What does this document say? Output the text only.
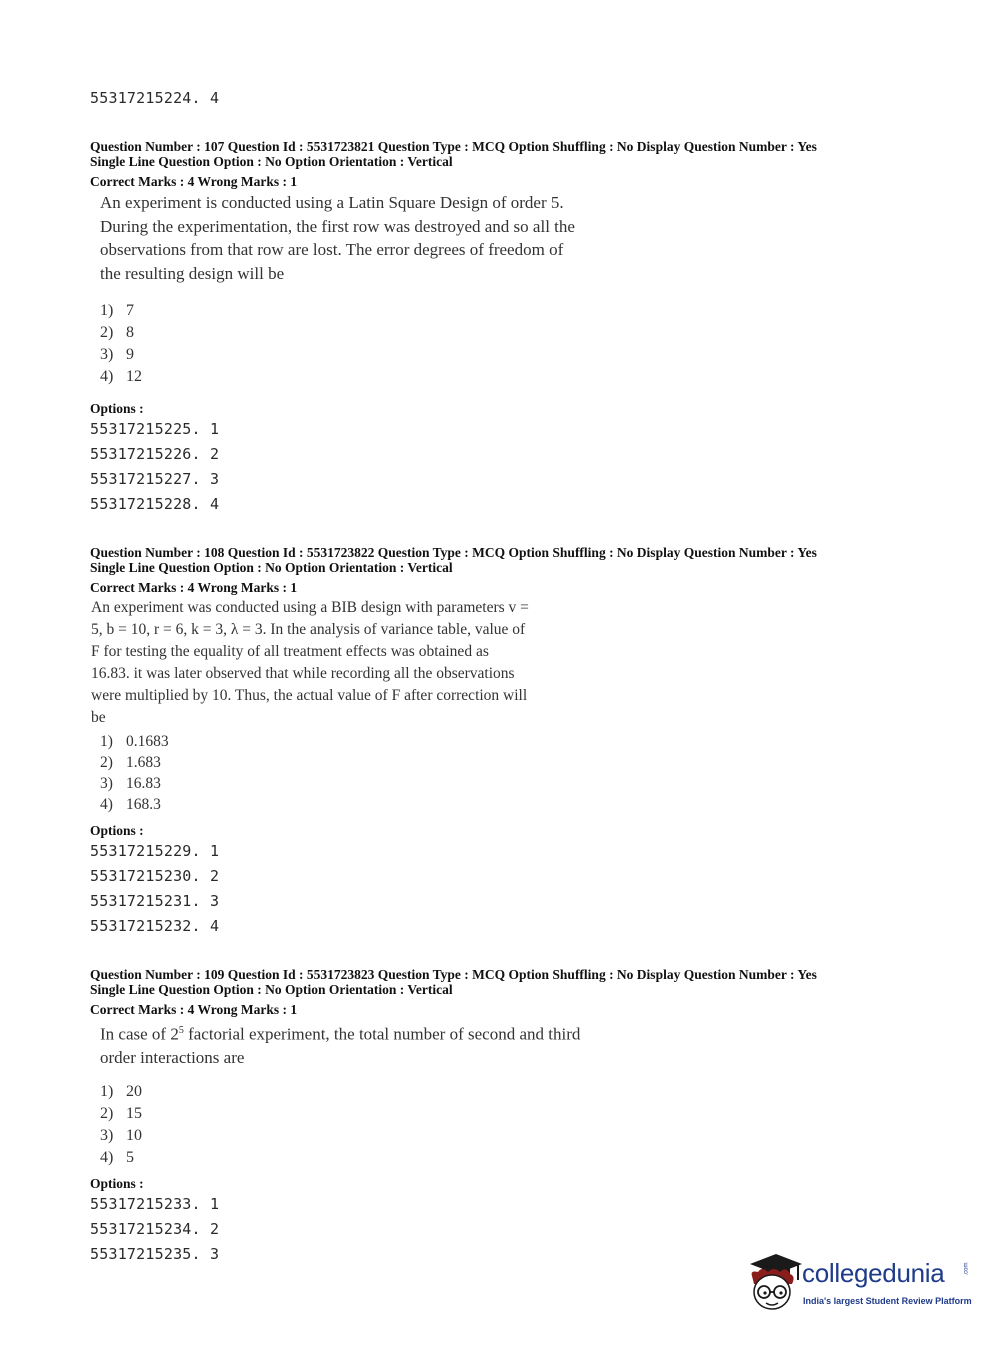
55317215224. 4
Question Number : 107 Question Id : 5531723821 Question Type : MCQ Option Shuffling : No Display Question Number : Yes
Single Line Question Option : No Option Orientation : Vertical
Correct Marks : 4 Wrong Marks : 1
An experiment is conducted using a Latin Square Design of order 5.
During the experimentation, the first row was destroyed and so all the
observations from that row are lost. The error degrees of freedom of
the resulting design will be
1) 7
2) 8
3) 9
4) 12
Options :
55317215225. 1
55317215226. 2
55317215227. 3
55317215228. 4
Question Number : 108 Question Id : 5531723822 Question Type : MCQ Option Shuffling : No Display Question Number : Yes
Single Line Question Option : No Option Orientation : Vertical
Correct Marks : 4 Wrong Marks : 1
An experiment was conducted using a BIB design with parameters v =
5, b = 10, r = 6, k = 3, λ = 3. In the analysis of variance table, value of
F for testing the equality of all treatment effects was obtained as
16.83. it was later observed that while recording all the observations
were multiplied by 10. Thus, the actual value of F after correction will
be
1) 0.1683
2) 1.683
3) 16.83
4) 168.3
Options :
55317215229. 1
55317215230. 2
55317215231. 3
55317215232. 4
Question Number : 109 Question Id : 5531723823 Question Type : MCQ Option Shuffling : No Display Question Number : Yes
Single Line Question Option : No Option Orientation : Vertical
Correct Marks : 4 Wrong Marks : 1
In case of $2^5$ factorial experiment, the total number of second and third
order interactions are
1) 20
2) 15
3) 10
4) 5
Options :
55317215233. 1
55317215234. 2
55317215235. 3
collegedunia	.com
India's largest Student Review Platform
